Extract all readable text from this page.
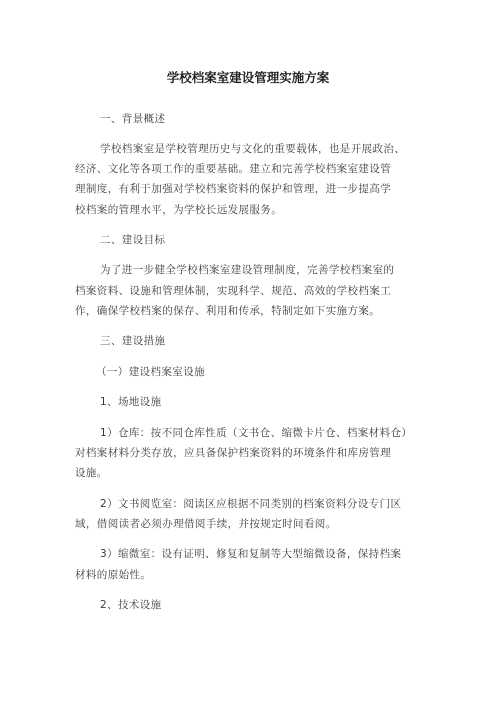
学校档案室建设管理实施方案
一、背景概述
学校档案室是学校管理历史与文化的重要载体，也是开展政治、
经济、文化等各项工作的重要基础。建立和完善学校档案室建设管
理制度，有利于加强对学校档案资料的保护和管理，进一步提高学
校档案的管理水平，为学校长远发展服务。
二、建设目标
为了进一步健全学校档案室建设管理制度，完善学校档案室的
档案资料、设施和管理体制，实现科学、规范、高效的学校档案工
作，确保学校档案的保存、利用和传承，特制定如下实施方案。
三、建设措施
（一）建设档案室设施
1、场地设施
1）仓库：按不同仓库性质（文书仓、缩微卡片仓、档案材料仓）
对档案材料分类存放，应具备保护档案资料的环境条件和库房管理
设施。
2）文书阅览室：阅读区应根据不同类别的档案资料分设专门区
域，借阅读者必须办理借阅手续，并按规定时间看阅。
3）缩微室：设有证明、修复和复制等大型缩微设备，保持档案
材料的原始性。
2、技术设施
